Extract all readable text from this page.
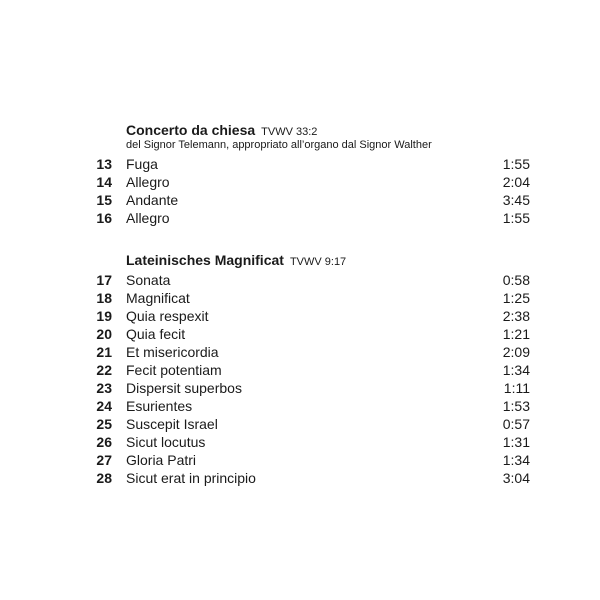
Concerto da chiesa TVWV 33:2
del Signor Telemann, appropriato all’organo dal Signor Walther
13 Fuga	1:55
14 Allegro	2:04
15 Andante	3:45
16 Allegro	1:55
Lateinisches Magnificat TVWV 9:17
17 Sonata	0:58
18 Magnificat	1:25
19 Quia respexit	2:38
20 Quia fecit	1:21
21 Et misericordia	2:09
22 Fecit potentiam	1:34
23 Dispersit superbos	1:11
24 Esurientes	1:53
25 Suscepit Israel	0:57
26 Sicut locutus	1:31
27 Gloria Patri	1:34
28 Sicut erat in principio	3:04
